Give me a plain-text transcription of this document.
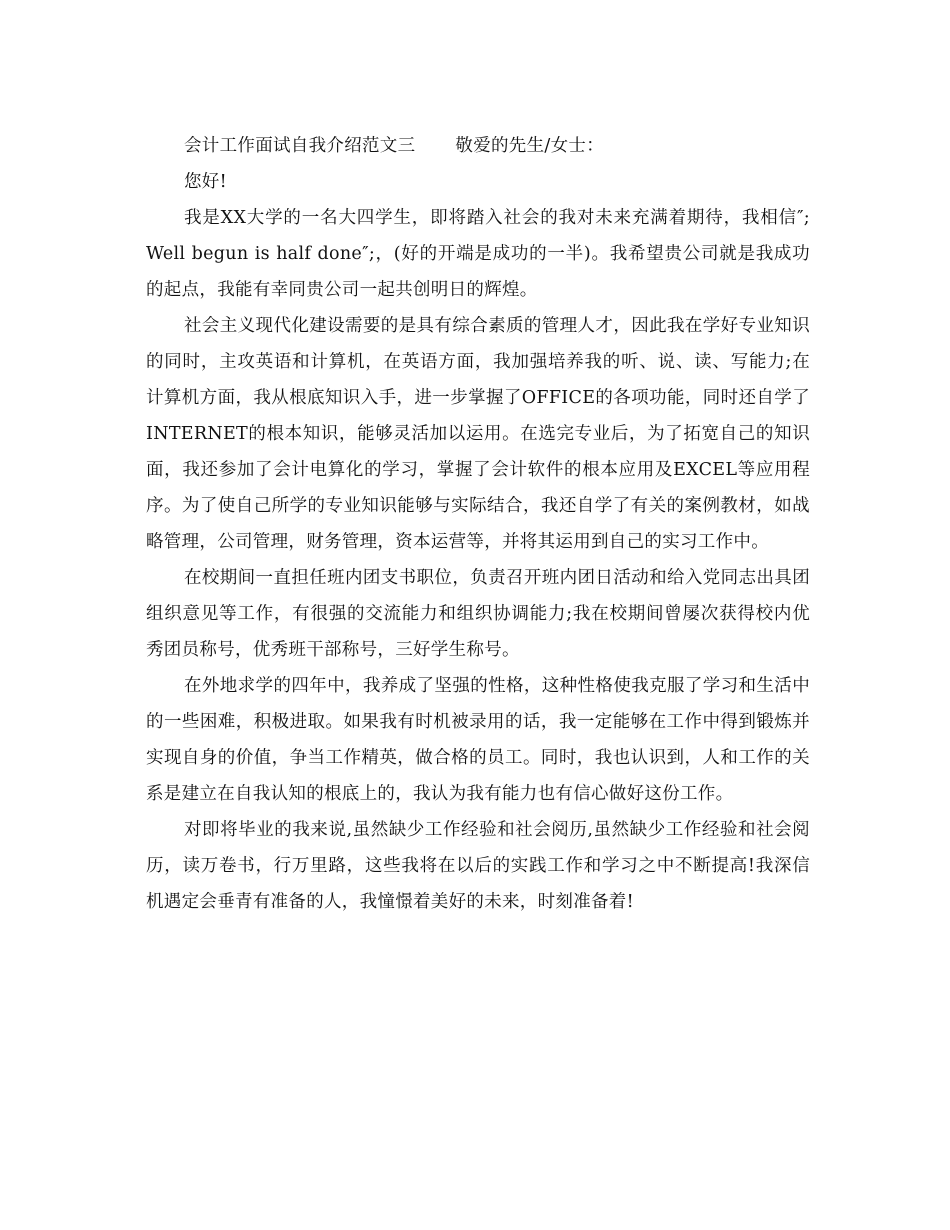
会计工作面试自我介绍范文三 敬爱的先生/女士：

您好!

我是XX大学的一名大四学生，即将踏入社会的我对未来充满着期待，我相信″;Well begun is half done″;，(好的开端是成功的一半)。我希望贵公司就是我成功的起点，我能有幸同贵公司一起共创明日的辉煌。

社会主义现代化建设需要的是具有综合素质的管理人才，因此我在学好专业知识的同时，主攻英语和计算机，在英语方面，我加强培养我的听、说、读、写能力;在计算机方面，我从根底知识入手，进一步掌握了OFFICE的各项功能，同时还自学了INTERNET的根本知识，能够灵活加以运用。在选完专业后，为了拓宽自己的知识面，我还参加了会计电算化的学习，掌握了会计软件的根本应用及EXCEL等应用程序。为了使自己所学的专业知识能够与实际结合，我还自学了有关的案例教材，如战略管理，公司管理，财务管理，资本运营等，并将其运用到自己的实习工作中。

在校期间一直担任班内团支书职位，负责召开班内团日活动和给入党同志出具团组织意见等工作，有很强的交流能力和组织协调能力;我在校期间曾屡次获得校内优秀团员称号，优秀班干部称号，三好学生称号。

在外地求学的四年中，我养成了坚强的性格，这种性格使我克服了学习和生活中的一些困难，积极进取。如果我有时机被录用的话，我一定能够在工作中得到锻炼并实现自身的价值，争当工作精英，做合格的员工。同时，我也认识到，人和工作的关系是建立在自我认知的根底上的，我认为我有能力也有信心做好这份工作。

对即将毕业的我来说,虽然缺少工作经验和社会阅历,虽然缺少工作经验和社会阅历，读万卷书，行万里路，这些我将在以后的实践工作和学习之中不断提高!我深信机遇定会垂青有准备的人，我憧憬着美好的未来，时刻准备着!
